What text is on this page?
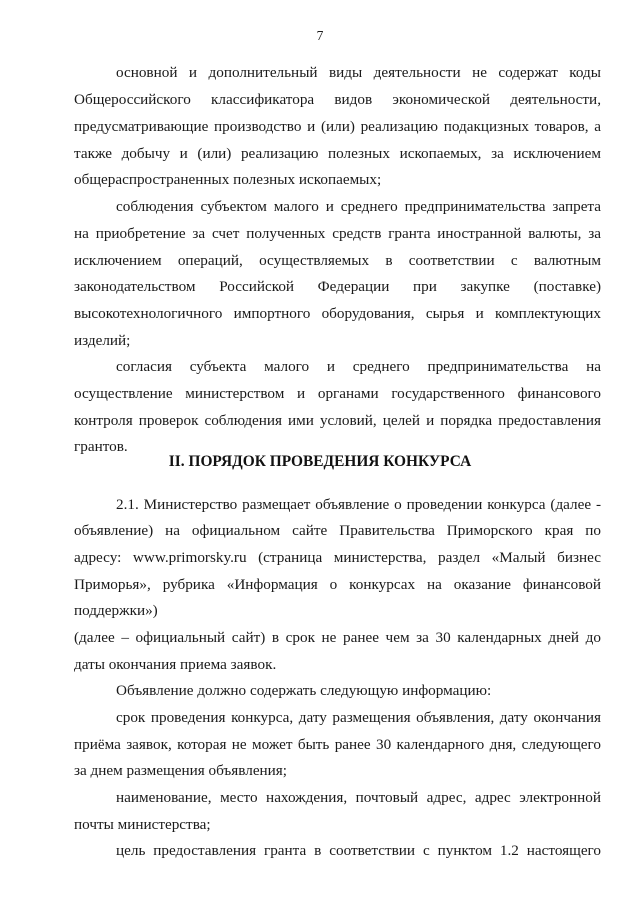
7
основной и дополнительный виды деятельности не содержат коды
Общероссийского классификатора видов экономической деятельности,
предусматривающие производство и (или) реализацию подакцизных товаров, а
также добычу и (или) реализацию полезных ископаемых, за исключением
общераспространенных полезных ископаемых;
соблюдения субъектом малого и среднего предпринимательства запрета
на приобретение за счет полученных средств гранта иностранной валюты, за
исключением операций, осуществляемых в соответствии с валютным
законодательством Российской Федерации при закупке (поставке)
высокотехнологичного импортного оборудования, сырья и комплектующих
изделий;
согласия субъекта малого и среднего предпринимательства на
осуществление министерством и органами государственного финансового
контроля проверок соблюдения ими условий, целей и порядка предоставления
грантов.
II. ПОРЯДОК ПРОВЕДЕНИЯ КОНКУРСА
2.1. Министерство размещает объявление о проведении конкурса (далее -
объявление) на официальном сайте Правительства Приморского края по
адресу: www.primorsky.ru (страница министерства, раздел «Малый бизнес
Приморья», рубрика «Информация о конкурсах на оказание финансовой
поддержки»)
(далее – официальный сайт) в срок не ранее чем за 30 календарных дней до
даты окончания приема заявок.
Объявление должно содержать следующую информацию:
срок проведения конкурса, дату размещения объявления, дату окончания
приёма заявок, которая не может быть ранее 30 календарного дня, следующего
за днем размещения объявления;
наименование, место нахождения, почтовый адрес, адрес электронной
почты министерства;
цель предоставления гранта в соответствии с пунктом 1.2 настоящего
